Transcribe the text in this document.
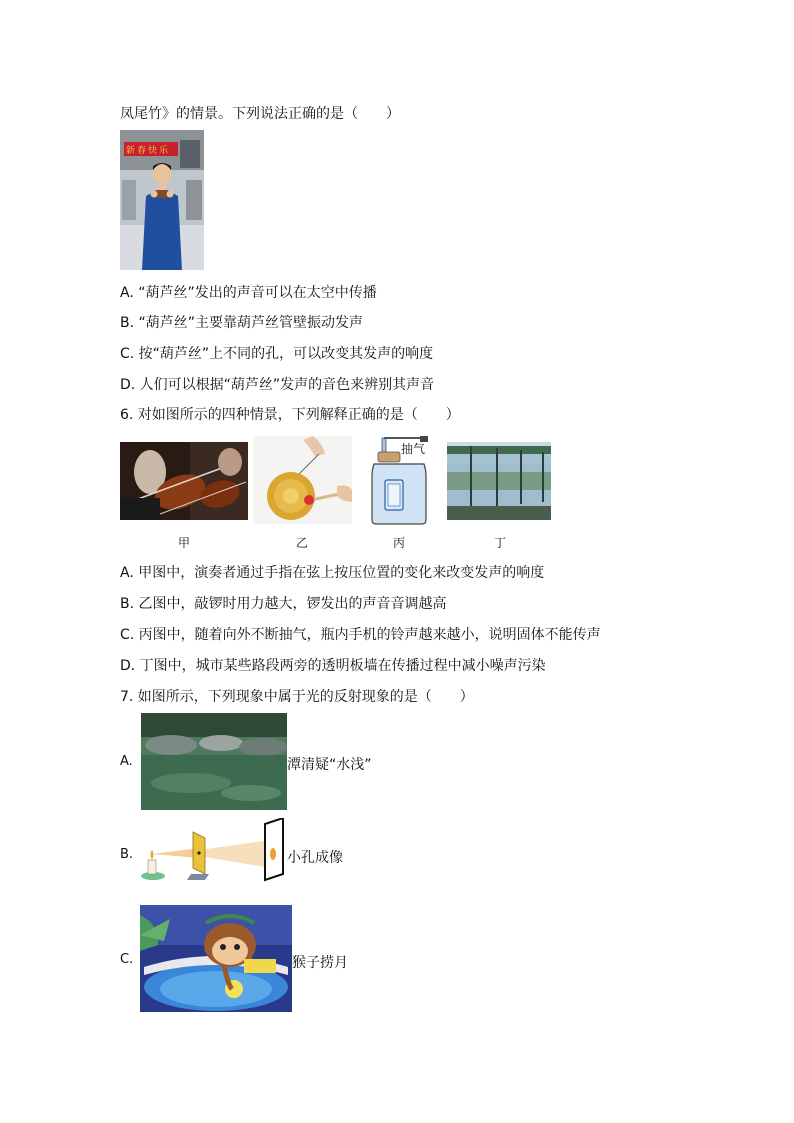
凤尾竹》的情景。下列说法正确的是（　　）
新春快乐
A. “葫芦丝”发出的声音可以在太空中传播
B. “葫芦丝”主要靠葫芦丝管壁振动发声
C. 按“葫芦丝”上不同的孔，可以改变其发声的响度
D. 人们可以根据“葫芦丝”发声的音色来辨别其声音
6. 对如图所示的四种情景，下列解释正确的是（　　）
甲	乙
抽气
丙	丁
A. 甲图中，演奏者通过手指在弦上按压位置的变化来改变发声的响度
B. 乙图中，敲锣时用力越大，锣发出的声音音调越高
C. 丙图中，随着向外不断抽气，瓶内手机的铃声越来越小，说明固体不能传声
D. 丁图中，城市某些路段两旁的透明板墙在传播过程中减小噪声污染
7. 如图所示，下列现象中属于光的反射现象的是（　　）
A.	潭清疑“水浅”
B.	小孔成像
C.	猴子捞月
